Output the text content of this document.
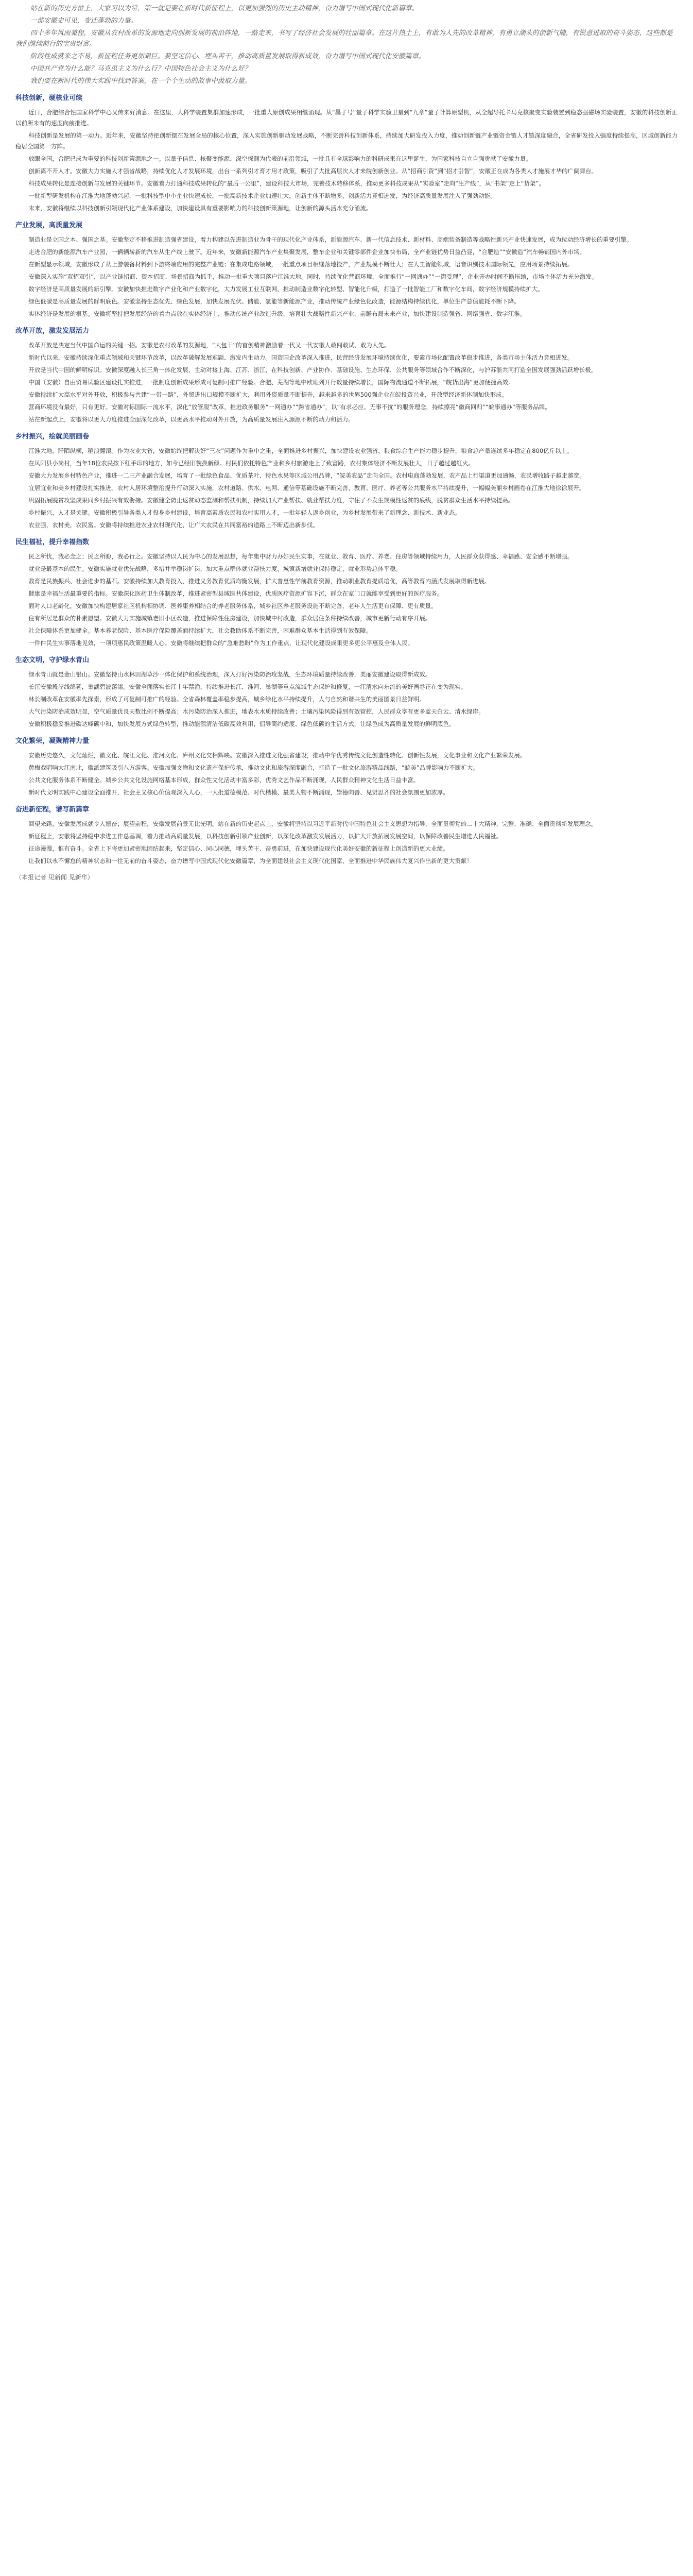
站在新的历史方位上，大家习以为常，第一就是要在新时代新征程上，以更加强烈的历史主动精神，奋力谱写中国式现代化新篇章。

一部安徽史可见，变迁蓬勃的力量。

四十多年风雨兼程，安徽从农村改革的发源地走向创新发展的前沿阵地，一路走来，书写了经济社会发展的壮丽篇章。在这片热土上，有敢为人先的改革精神，有勇立潮头的创新气魄，有锐意进取的奋斗姿态，这些都是我们继续前行的宝贵财富。

阶段性成就来之不易，新征程任务更加艰巨。要坚定信心、埋头苦干，推动高质量发展取得新成效，奋力谱写中国式现代化安徽篇章。

中国共产党为什么能？马克思主义为什么行？中国特色社会主义为什么好？

我们要在新时代的伟大实践中找到答案，在一个个生动的故事中汲取力量。

科技创新，硬核业可续

近日，合肥综合性国家科学中心又传来好消息。在这里，大科学装置集群加速形成，一批重大原创成果相继涌现。从“墨子号”量子科学实验卫星到“九章”量子计算原型机，从全超导托卡马克核聚变实验装置到稳态强磁场实验装置，安徽的科技创新正以前所未有的速度向前推进。

科技创新是发展的第一动力。近年来，安徽坚持把创新摆在发展全局的核心位置，深入实施创新驱动发展战略，不断完善科技创新体系，持续加大研发投入力度，推动创新链产业链资金链人才链深度融合，全省研发投入强度持续提高，区域创新能力稳居全国第一方阵。

放眼全国，合肥已成为重要的科技创新策源地之一。以量子信息、核聚变能源、深空探测为代表的前沿领域，一批具有全球影响力的科研成果在这里诞生，为国家科技自立自强贡献了安徽力量。

创新离不开人才。安徽大力实施人才强省战略，持续优化人才发展环境，出台一系列引才育才用才政策，吸引了大批高层次人才来皖创新创业。从“招商引资”到“招才引智”，安徽正在成为各类人才施展才华的广阔舞台。

科技成果转化是连接创新与发展的关键环节。安徽着力打通科技成果转化的“最后一公里”，建设科技大市场，完善技术转移体系，推动更多科技成果从“实验室”走向“生产线”，从“书架”走上“货架”。

一批新型研发机构在江淮大地蓬勃兴起，一批科技型中小企业快速成长，一批高新技术企业加速壮大，创新主体不断增多，创新活力竞相迸发，为经济高质量发展注入了强劲动能。

未来，安徽将继续以科技创新引领现代化产业体系建设，加快建设具有重要影响力的科技创新策源地，让创新的源头活水充分涌流。

产业发展，高质量发展

制造业是立国之本、强国之基。安徽坚定不移推进制造强省建设，着力构建以先进制造业为骨干的现代化产业体系，新能源汽车、新一代信息技术、新材料、高端装备制造等战略性新兴产业快速发展，成为拉动经济增长的重要引擎。

走进合肥的新能源汽车产业园，一辆辆崭新的汽车从生产线上驶下。近年来，安徽新能源汽车产业集聚发展，整车企业和关键零部件企业加快布局，全产业链优势日益凸显，“合肥造”“安徽造”汽车畅销国内外市场。

在新型显示领域，安徽形成了从上游装备材料到下游终端应用的完整产业链；在集成电路领域，一批重点项目相继落地投产，产业规模不断壮大；在人工智能领域，语音识别技术国际领先，应用场景持续拓展。

安徽深入实施“双招双引”，以产业链招商、资本招商、场景招商为抓手，推动一批重大项目落户江淮大地。同时，持续优化营商环境，全面推行“一网通办”“一窗受理”，企业开办时间不断压缩，市场主体活力充分激发。

数字经济是高质量发展的新引擎。安徽加快推进数字产业化和产业数字化，大力发展工业互联网，推动制造业数字化转型、智能化升级，打造了一批智能工厂和数字化车间，数字经济规模持续扩大。

绿色低碳是高质量发展的鲜明底色。安徽坚持生态优先、绿色发展，加快发展光伏、储能、氢能等新能源产业，推动传统产业绿色化改造，能源结构持续优化，单位生产总值能耗不断下降。

实体经济是发展的根基。安徽将坚持把发展经济的着力点放在实体经济上，推动传统产业改造升级，培育壮大战略性新兴产业，前瞻布局未来产业，加快建设制造强省、网络强省、数字江淮。

改革开放，激发发展活力

改革开放是决定当代中国命运的关键一招。安徽是农村改革的发源地，“大包干”的首创精神激励着一代又一代安徽人敢闯敢试、敢为人先。

新时代以来，安徽持续深化重点领域和关键环节改革，以改革破解发展难题、激发内生动力。国资国企改革深入推进，民营经济发展环境持续优化，要素市场化配置改革稳步推进，各类市场主体活力竞相迸发。

开放是当代中国的鲜明标识。安徽深度融入长三角一体化发展，主动对接上海、江苏、浙江，在科技创新、产业协作、基础设施、生态环保、公共服务等领域合作不断深化，与沪苏浙共同打造全国发展强劲活跃增长极。

中国（安徽）自由贸易试验区建设扎实推进，一批制度创新成果形成可复制可推广经验。合肥、芜湖等地中欧班列开行数量持续增长，国际物流通道不断拓展，“皖货出海”更加便捷高效。

安徽持续扩大高水平对外开放，积极参与共建“一带一路”，外贸进出口规模不断扩大，利用外资质量不断提升，越来越多的世界500强企业在皖投资兴业，开放型经济新体制加快形成。

营商环境没有最好，只有更好。安徽对标国际一流水平，深化“放管服”改革，推进政务服务“一网通办”“跨省通办”，以“有求必应、无事不扰”的服务理念，持续擦亮“徽商回归”“皖事通办”等服务品牌。

站在新起点上，安徽将以更大力度推进全面深化改革，以更高水平推动对外开放，为高质量发展注入源源不断的动力和活力。

乡村振兴，绘就美丽画卷

江淮大地，阡陌纵横，稻浪翻滚。作为农业大省，安徽始终把解决好“三农”问题作为重中之重，全面推进乡村振兴，加快建设农业强省，粮食综合生产能力稳步提升，粮食总产量连续多年稳定在800亿斤以上。

在凤阳县小岗村，当年18位农民按下红手印的地方，如今已经旧貌换新颜。村民们依托特色产业和乡村旅游走上了致富路，农村集体经济不断发展壮大，日子越过越红火。

安徽大力发展乡村特色产业，推进一二三产业融合发展，培育了一批绿色食品、优质茶叶、特色水果等区域公用品牌，“皖美农品”走向全国。农村电商蓬勃发展，农产品上行渠道更加通畅，农民增收路子越走越宽。

宜居宜业和美乡村建设扎实推进。农村人居环境整治提升行动深入实施，农村道路、供水、电网、通信等基础设施不断完善，教育、医疗、养老等公共服务水平持续提升，一幅幅美丽乡村画卷在江淮大地徐徐展开。

巩固拓展脱贫攻坚成果同乡村振兴有效衔接。安徽健全防止返贫动态监测和帮扶机制，持续加大产业帮扶、就业帮扶力度，守住了不发生规模性返贫的底线，脱贫群众生活水平持续提高。

乡村振兴，人才是关键。安徽积极引导各类人才投身乡村建设，培育高素质农民和农村实用人才，一批年轻人返乡创业，为乡村发展带来了新理念、新技术、新业态。

农业强，农村美，农民富。安徽将持续推进农业农村现代化，让广大农民在共同富裕的道路上不断迈出新步伐。

民生福祉，提升幸福指数

民之所忧，我必念之；民之所盼，我必行之。安徽坚持以人民为中心的发展思想，每年集中财力办好民生实事，在就业、教育、医疗、养老、住房等领域持续用力，人民群众获得感、幸福感、安全感不断增强。

就业是最基本的民生。安徽实施就业优先战略，多措并举稳岗扩岗，加大重点群体就业帮扶力度，城镇新增就业保持稳定，就业形势总体平稳。

教育是民族振兴、社会进步的基石。安徽持续加大教育投入，推进义务教育优质均衡发展，扩大普惠性学前教育资源，推动职业教育提质培优，高等教育内涵式发展取得新进展。

健康是幸福生活最重要的指标。安徽深化医药卫生体制改革，推进紧密型县域医共体建设，优质医疗资源扩容下沉，群众在家门口就能享受到更好的医疗服务。

面对人口老龄化，安徽加快构建居家社区机构相协调、医养康养相结合的养老服务体系，城乡社区养老服务设施不断完善，老年人生活更有保障、更有质量。

住有所居是群众的朴素愿望。安徽大力实施城镇老旧小区改造，推进保障性住房建设，加快城中村改造，群众居住条件持续改善，城市更新行动有序开展。

社会保障体系更加健全。基本养老保险、基本医疗保险覆盖面持续扩大，社会救助体系不断完善，困难群众基本生活得到有效保障。

一件件民生实事落地见效，一项项惠民政策温暖人心。安徽将继续把群众的“急难愁盼”作为工作重点，让现代化建设成果更多更公平惠及全体人民。

生态文明，守护绿水青山

绿水青山就是金山银山。安徽坚持山水林田湖草沙一体化保护和系统治理，深入打好污染防治攻坚战，生态环境质量持续改善，美丽安徽建设取得新成效。

长江安徽段岸线绵延，巢湖碧波荡漾。安徽全面落实长江十年禁渔，持续推进长江、淮河、巢湖等重点流域生态保护和修复，一江清水向东流的美好画卷正在变为现实。

林长制改革在安徽率先探索，形成了可复制可推广的经验。全省森林覆盖率稳步提高，城乡绿化水平持续提升，人与自然和谐共生的美丽图景日益鲜明。

大气污染防治成效明显，空气质量优良天数比例不断提高；水污染防治深入推进，地表水水质持续改善；土壤污染风险得到有效管控，人民群众享有更多蓝天白云、清水绿岸。

安徽积极稳妥推进碳达峰碳中和，加快发展方式绿色转型，推动能源清洁低碳高效利用，倡导简约适度、绿色低碳的生活方式，让绿色成为高质量发展的鲜明底色。

文化繁荣，凝聚精神力量

安徽历史悠久，文化灿烂，徽文化、皖江文化、淮河文化、庐州文化交相辉映。安徽深入推进文化强省建设，推动中华优秀传统文化创造性转化、创新性发展，文化事业和文化产业繁荣发展。

黄梅戏唱响大江南北，徽派建筑吸引八方游客。安徽加强文物和文化遗产保护传承，推动文化和旅游深度融合，打造了一批文化旅游精品线路，“皖美”品牌影响力不断扩大。

公共文化服务体系不断健全。城乡公共文化设施网络基本形成，群众性文化活动丰富多彩，优秀文艺作品不断涌现，人民群众精神文化生活日益丰富。

新时代文明实践中心建设全面推开，社会主义核心价值观深入人心，一大批道德模范、时代楷模、最美人物不断涌现，崇德向善、见贤思齐的社会氛围更加浓厚。

奋进新征程，谱写新篇章

回望来路，安徽发展成就令人振奋；展望前程，安徽发展前景无比光明。站在新的历史起点上，安徽将坚持以习近平新时代中国特色社会主义思想为指导，全面贯彻党的二十大精神，完整、准确、全面贯彻新发展理念。

新征程上，安徽将坚持稳中求进工作总基调，着力推动高质量发展，以科技创新引领产业创新，以深化改革激发发展活力，以扩大开放拓展发展空间，以保障改善民生增进人民福祉。

征途漫漫，惟有奋斗。全省上下将更加紧密地团结起来，坚定信心、同心同德，埋头苦干、奋勇前进，在加快建设现代化美好安徽的新征程上创造新的更大业绩。

让我们以永不懈怠的精神状态和一往无前的奋斗姿态，奋力谱写中国式现代化安徽篇章，为全面建设社会主义现代化国家、全面推进中华民族伟大复兴作出新的更大贡献！

（本报记者 见新闻 见新华）
